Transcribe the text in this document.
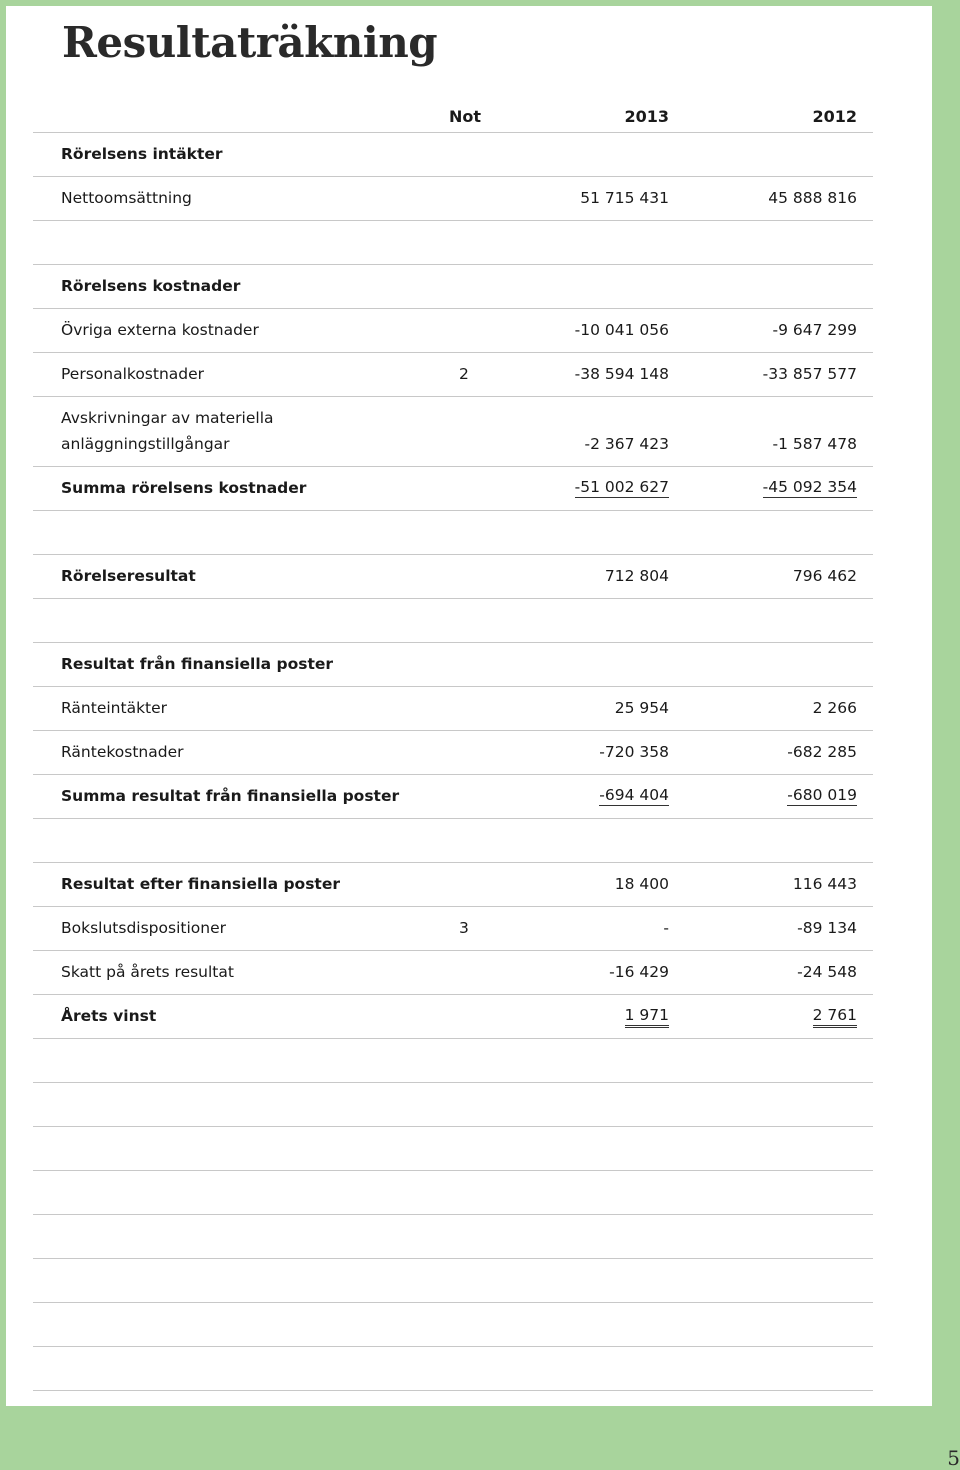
Resultaträkning
Not	2013	2012
Rörelsens intäkter
Nettoomsättning	51 715 431	45 888 816
Rörelsens kostnader
Övriga externa kostnader	-10 041 056	-9 647 299
Personalkostnader	2	-38 594 148	-33 857 577
Avskrivningar av materiella
anläggningstillgångar	-2 367 423	-1 587 478
Summa rörelsens kostnader	-51 002 627	-45 092 354
Rörelseresultat	712 804	796 462
Resultat från finansiella poster
Ränteintäkter	25 954	2 266
Räntekostnader	-720 358	-682 285
Summa resultat från finansiella poster	-694 404	-680 019
Resultat efter finansiella poster	18 400	116 443
Bokslutsdispositioner	3	-	-89 134
Skatt på årets resultat	-16 429	-24 548
Årets vinst	1 971	2 761
5
